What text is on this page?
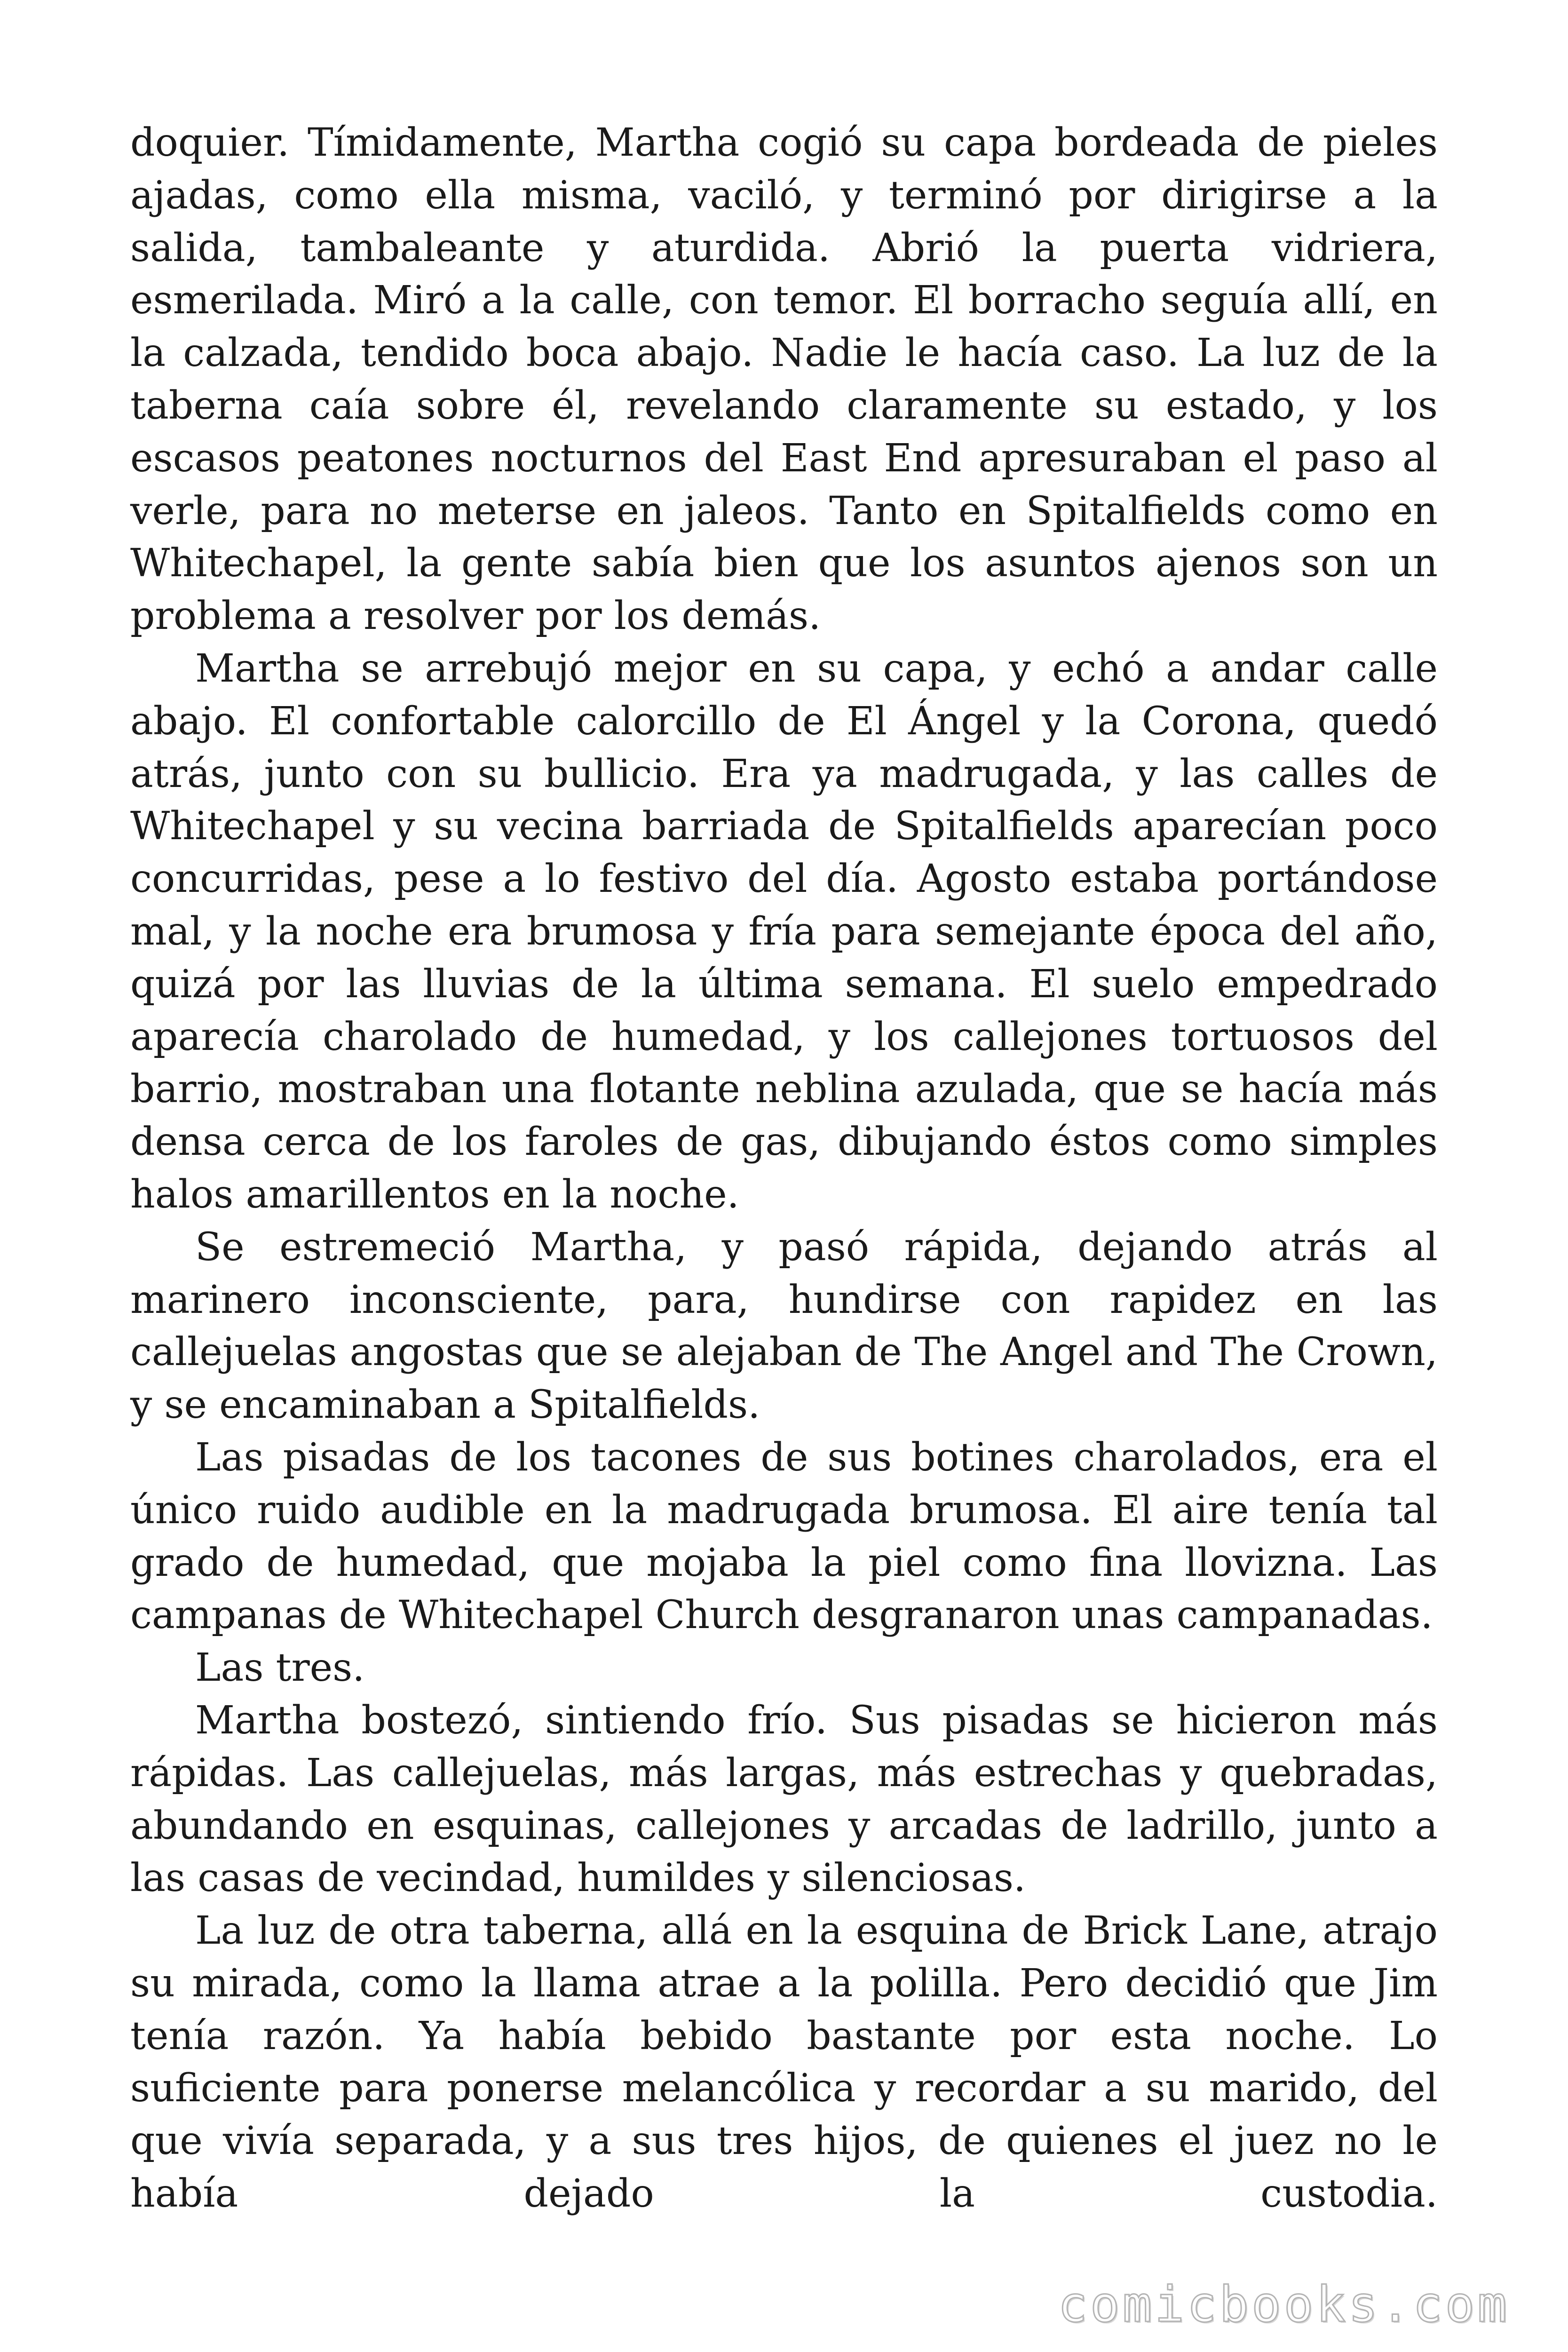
doquier. Tímidamente, Martha cogió su capa bordeada de pieles ajadas, como ella misma, vaciló, y terminó por dirigirse a la salida, tambaleante y aturdida. Abrió la puerta vidriera, esmerilada. Miró a la calle, con temor. El borracho seguía allí, en la calzada, tendido boca abajo. Nadie le hacía caso. La luz de la taberna caía sobre él, revelando claramente su estado, y los escasos peatones nocturnos del East End apresuraban el paso al verle, para no meterse en jaleos. Tanto en Spitalfields como en Whitechapel, la gente sabía bien que los asuntos ajenos son un problema a resolver por los demás.

Martha se arrebujó mejor en su capa, y echó a andar calle abajo. El confortable calorcillo de El Ángel y la Corona, quedó atrás, junto con su bullicio. Era ya madrugada, y las calles de Whitechapel y su vecina barriada de Spitalfields aparecían poco concurridas, pese a lo festivo del día. Agosto estaba portándose mal, y la noche era brumosa y fría para semejante época del año, quizá por las lluvias de la última semana. El suelo empedrado aparecía charolado de humedad, y los callejones tortuosos del barrio, mostraban una flotante neblina azulada, que se hacía más densa cerca de los faroles de gas, dibujando éstos como simples halos amarillentos en la noche.

Se estremeció Martha, y pasó rápida, dejando atrás al marinero inconsciente, para, hundirse con rapidez en las callejuelas angostas que se alejaban de The Angel and The Crown, y se encaminaban a Spitalfields.

Las pisadas de los tacones de sus botines charolados, era el único ruido audible en la madrugada brumosa. El aire tenía tal grado de humedad, que mojaba la piel como fina llovizna. Las campanas de Whitechapel Church desgranaron unas campanadas.

Las tres.

Martha bostezó, sintiendo frío. Sus pisadas se hicieron más rápidas. Las callejuelas, más largas, más estrechas y quebradas, abundando en esquinas, callejones y arcadas de ladrillo, junto a las casas de vecindad, humildes y silenciosas.

La luz de otra taberna, allá en la esquina de Brick Lane, atrajo su mirada, como la llama atrae a la polilla. Pero decidió que Jim tenía razón. Ya había bebido bastante por esta noche. Lo suficiente para ponerse melancólica y recordar a su marido, del que vivía separada, y a sus tres hijos, de quienes el juez no le había dejado la custodia.

comicbooks.com
